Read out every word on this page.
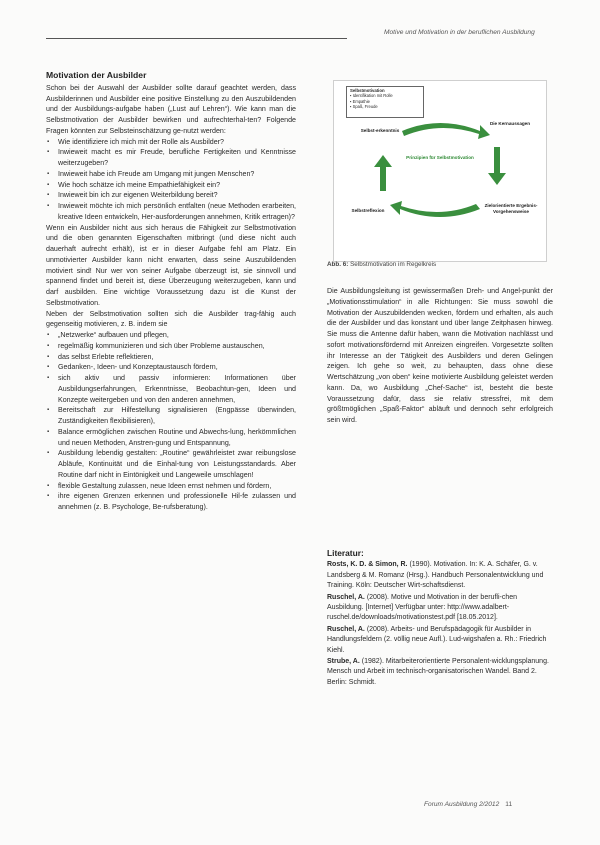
Motive und Motivation in der beruflichen Ausbildung
Motivation der Ausbilder

Schon bei der Auswahl der Ausbilder sollte darauf geachtet werden, dass Ausbilderinnen und Ausbilder eine positive Einstellung zu den Auszubildenden und der Ausbildungs-aufgabe haben („Lust auf Lehren“). Wie kann man die Selbstmotivation der Ausbilder bewirken und aufrechterhal-ten? Folgende Fragen könnten zur Selbsteinschätzung ge-nutzt werden:

▪ Wie identifiziere ich mich mit der Rolle als Ausbilder?
▪ Inwieweit macht es mir Freude, berufliche Fertigkeiten und Kenntnisse weiterzugeben?
▪ Inwieweit habe ich Freude am Umgang mit jungen Menschen?
▪ Wie hoch schätze ich meine Empathiefähigkeit ein?
▪ Inwieweit bin ich zur eigenen Weiterbildung bereit?
▪ Inwieweit möchte ich mich persönlich entfalten (neue Methoden erarbeiten, kreative Ideen entwickeln, Her-ausforderungen annehmen, Kritik ertragen)?

Wenn ein Ausbilder nicht aus sich heraus die Fähigkeit zur Selbstmotivation und die oben genannten Eigenschaften mitbringt (und diese nicht auch dauerhaft aufrecht erhält), ist er in dieser Aufgabe fehl am Platz. Ein unmotivierter Ausbilder kann nicht erwarten, dass seine Auszubildenden motiviert sind! Nur wer von seiner Aufgabe überzeugt ist, sie sinnvoll und spannend findet und bereit ist, diese Überzeugung weiterzugeben, kann und darf ausbilden. Eine wichtige Voraussetzung dazu ist die Kunst der Selbstmotivation.

Neben der Selbstmotivation sollten sich die Ausbilder trag-fähig auch gegenseitig motivieren, z. B. indem sie

▪ „Netzwerke“ aufbauen und pflegen,
▪ regelmäßig kommunizieren und sich über Probleme austauschen,
▪ das selbst Erlebte reflektieren,
▪ Gedanken-, Ideen- und Konzeptaustausch fördern,
▪ sich aktiv und passiv informieren: Informationen über Ausbildungserfahrungen, Erkenntnisse, Beobachtun-gen, Ideen und Konzepte weitergeben und von den anderen annehmen,
▪ Bereitschaft zur Hilfestellung signalisieren (Engpässe überwinden, Zuständigkeiten flexibilisieren),
▪ Balance ermöglichen zwischen Routine und Abwechs-lung, herkömmlichen und neuen Methoden, Anstren-gung und Entspannung,
▪ Ausbildung lebendig gestalten: „Routine“ gewährleistet zwar reibungslose Abläufe, Kontinuität und die Einhal-tung von Leistungsstandards. Aber Routine darf nicht in Eintönigkeit und Langeweile umschlagen!
▪ flexible Gestaltung zulassen, neue Ideen ernst nehmen und fördern,
▪ ihre eigenen Grenzen erkennen und professionelle Hil-fe zulassen und annehmen (z. B. Psychologe, Be-rufsberatung).
Selbstmotivation
▪ Identifikation mit Rolle
▪ Empathie
▪ Spaß, Freude
Selbst-erkenntnis
Die Kernaussagen
Prinzipien für Selbstmotivation
Selbstreflexion
Zielorientierte Ergebnis-Vorgehensweise
Abb. 6: Selbstmotivation im Regelkreis

Die Ausbildungsleitung ist gewissermaßen Dreh- und Angel-punkt der „Motivationsstimulation“ in alle Richtungen: Sie muss sowohl die Motivation der Auszubildenden wecken, fördern und erhalten, als auch die der Ausbilder und das konstant und über lange Zeitphasen hinweg. Sie muss die Antenne dafür haben, wann die Motivation nachlässt und sofort motivationsfördernd mit Anreizen eingreifen. Vorgesetzte sollten ihr Interesse an der Tätigkeit des Ausbilders und deren Gelingen zeigen. Ich gehe so weit, zu behaupten, dass ohne diese Wertschätzung „von oben“ keine motivierte Ausbildung geleistet werden kann. Da, wo Ausbildung „Chef-Sache“ ist, besteht die beste Voraussetzung dafür, dass sie relativ stressfrei, mit dem größtmöglichen „Spaß-Faktor“ abläuft und dennoch sehr erfolgreich sein wird.

Literatur:
Rosts, K. D. & Simon, R. (1990). Motivation. In: K. A. Schäfer, G. v. Landsberg & M. Romanz (Hrsg.). Handbuch Personalentwicklung und Training. Köln: Deutscher Wirt-schaftsdienst.
Ruschel, A. (2008). Motive und Motivation in der berufli-chen Ausbildung. [Internet] Verfügbar unter: http://www.adalbert-ruschel.de/downloads/motivationstest.pdf [18.05.2012].
Ruschel, A. (2008). Arbeits- und Berufspädagogik für Ausbilder in Handlungsfeldern (2. völlig neue Aufl.). Lud-wigshafen a. Rh.: Friedrich Kiehl.
Strube, A. (1982). Mitarbeiterorientierte Personalent-wicklungsplanung. Mensch und Arbeit im technisch-organisatorischen Wandel. Band 2. Berlin: Schmidt.
Forum Ausbildung 2/2012 11
